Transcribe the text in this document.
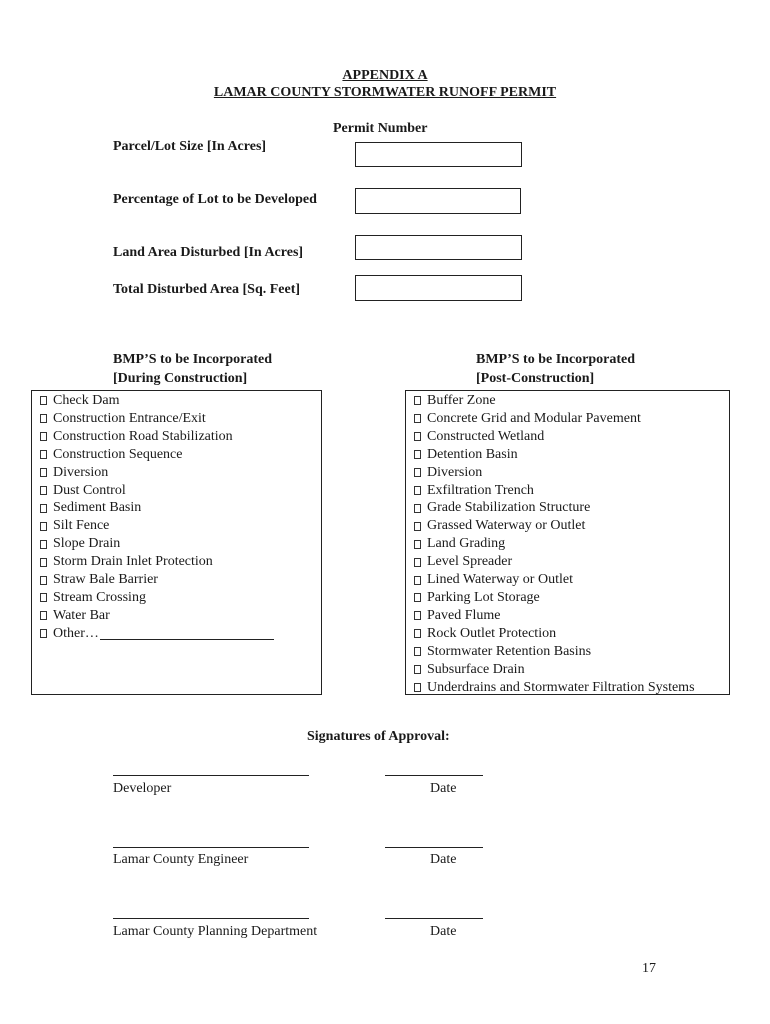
APPENDIX A
LAMAR COUNTY STORMWATER RUNOFF PERMIT
Permit Number
Parcel/Lot Size [In Acres]
Percentage of Lot to be Developed
Land Area Disturbed [In Acres]
Total Disturbed Area [Sq. Feet]
BMP’S to be Incorporated
[During Construction]
BMP’S to be Incorporated
[Post-Construction]
Check Dam
Construction Entrance/Exit
Construction Road Stabilization
Construction Sequence
Diversion
Dust Control
Sediment Basin
Silt Fence
Slope Drain
Storm Drain Inlet Protection
Straw Bale Barrier
Stream Crossing
Water Bar
Other…
Buffer Zone
Concrete Grid and Modular Pavement
Constructed Wetland
Detention Basin
Diversion
Exfiltration Trench
Grade Stabilization Structure
Grassed Waterway or Outlet
Land Grading
Level Spreader
Lined Waterway or Outlet
Parking Lot Storage
Paved Flume
Rock Outlet Protection
Stormwater Retention Basins
Subsurface Drain
Underdrains and Stormwater Filtration Systems
Signatures of Approval:
Developer	Date
Lamar County Engineer	Date
Lamar County Planning Department	Date
17
